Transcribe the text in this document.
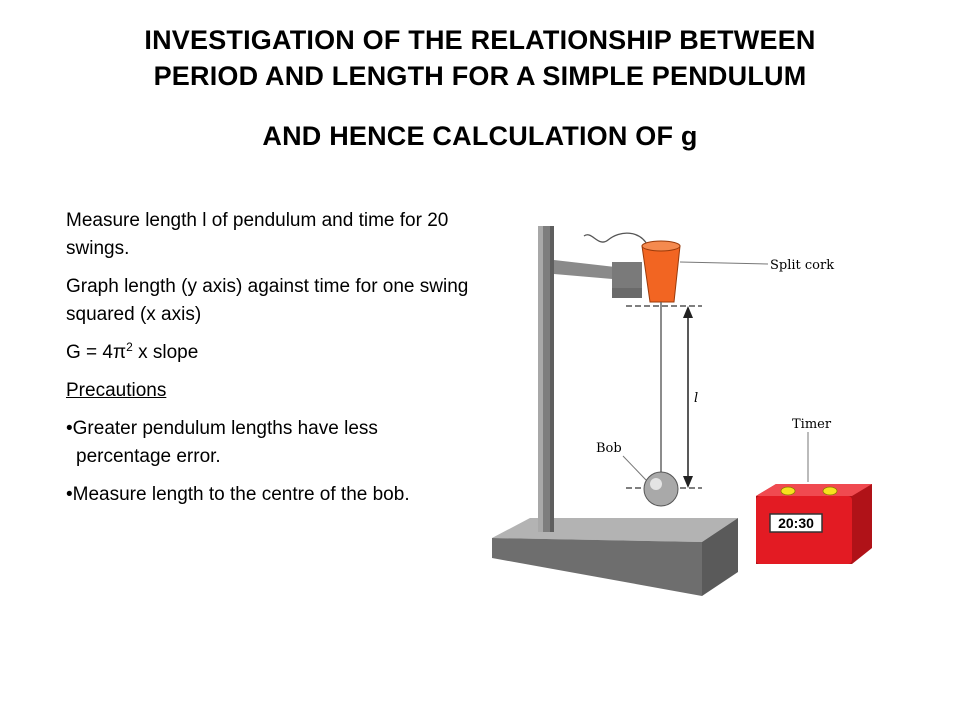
INVESTIGATION OF THE RELATIONSHIP BETWEEN
PERIOD AND LENGTH FOR A SIMPLE PENDULUM
AND HENCE CALCULATION OF g

Measure length l of pendulum and time for 20 swings.

Graph length (y axis) against time for one swing squared (x axis)

$G = 4\pi^2$ x slope

Precautions

•Greater pendulum lengths have less percentage error.

•Measure length to the centre of the bob.

Split cork
l
Bob
Timer
20:30
